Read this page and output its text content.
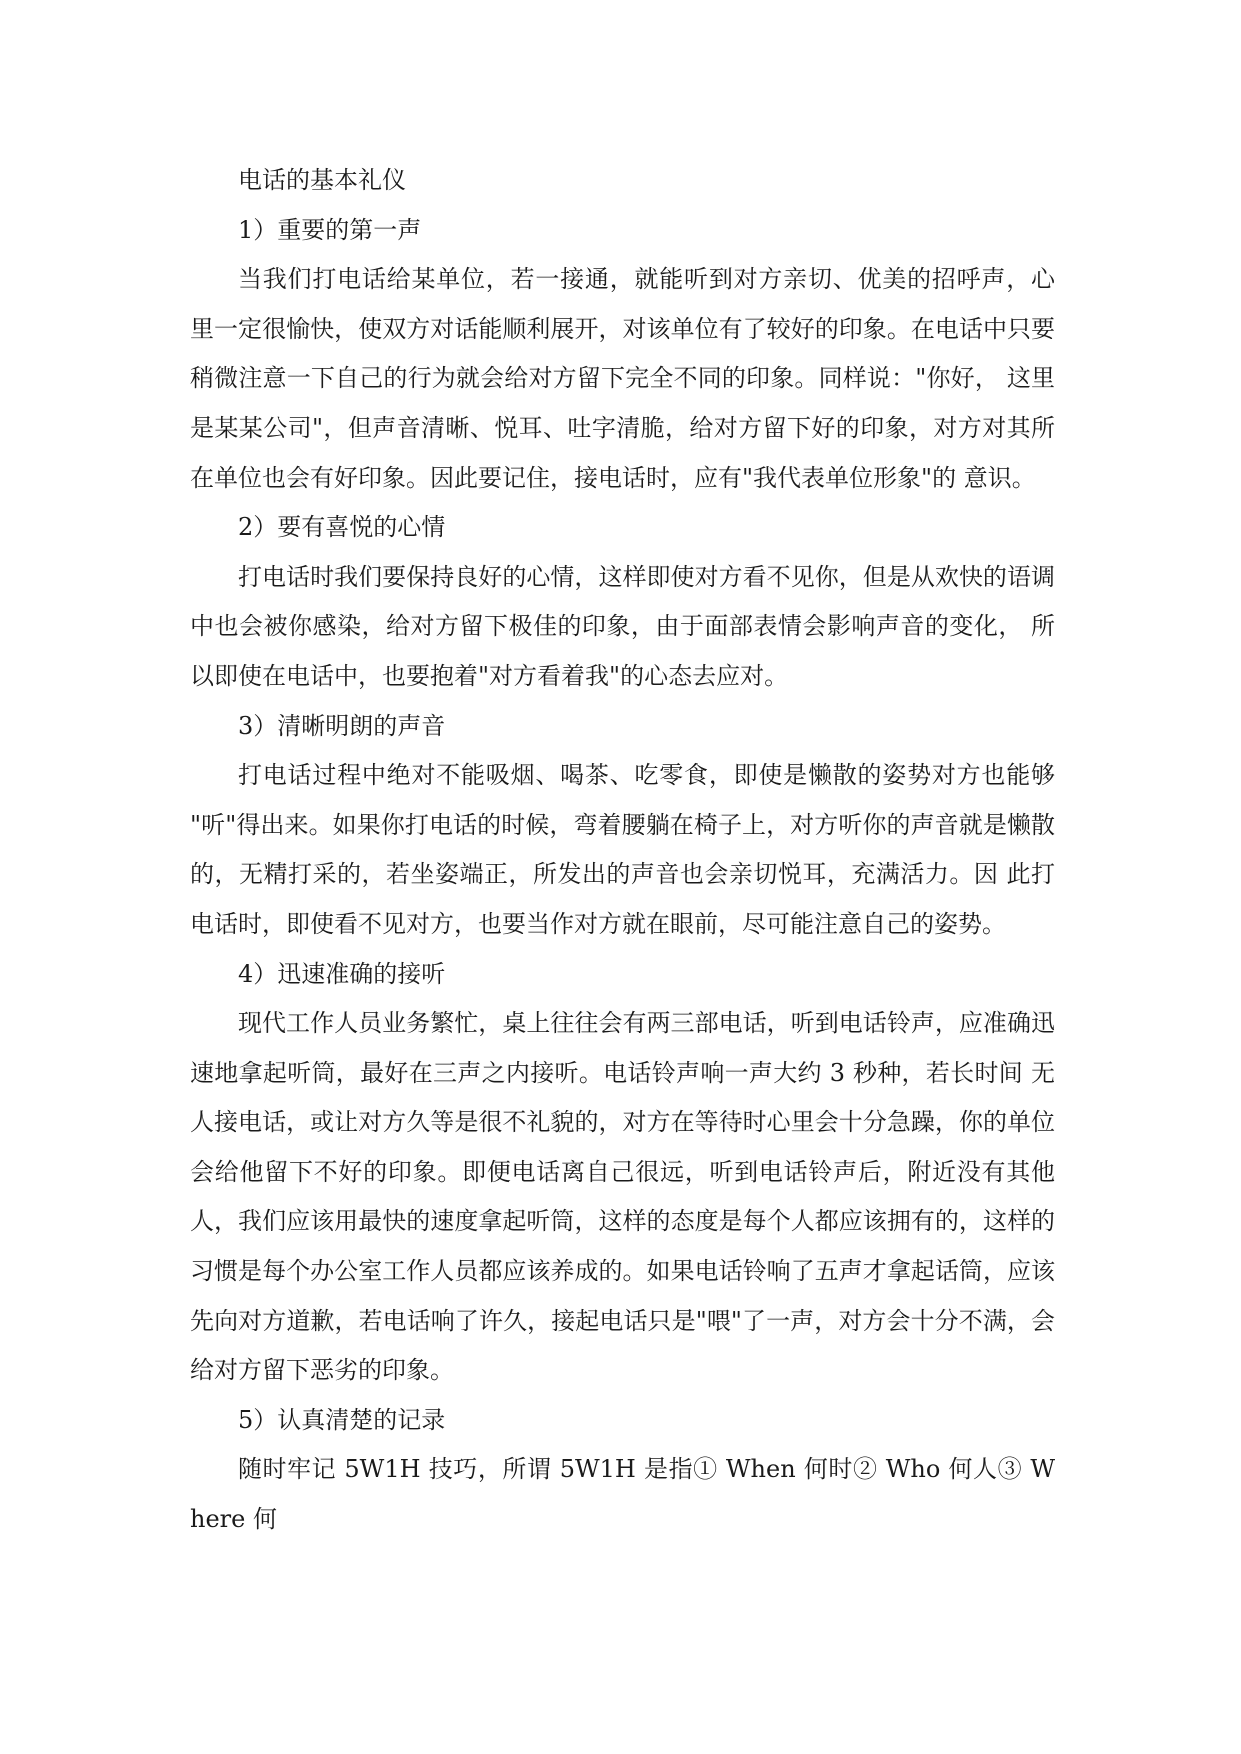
电话的基本礼仪

1）重要的第一声

当我们打电话给某单位，若一接通，就能听到对方亲切、优美的招呼声，心 里一定很愉快，使双方对话能顺利展开，对该单位有了较好的印象。在电话中只要稍微注意一下自己的行为就会给对方留下完全不同的印象。同样说："你好， 这里是某某公司"，但声音清晰、悦耳、吐字清脆，给对方留下好的印象，对方对其所在单位也会有好印象。因此要记住，接电话时，应有"我代表单位形象"的 意识。

2）要有喜悦的心情

打电话时我们要保持良好的心情，这样即使对方看不见你，但是从欢快的语调中也会被你感染，给对方留下极佳的印象，由于面部表情会影响声音的变化， 所以即使在电话中，也要抱着"对方看着我"的心态去应对。

3）清晰明朗的声音

打电话过程中绝对不能吸烟、喝茶、吃零食，即使是懒散的姿势对方也能够 "听"得出来。如果你打电话的时候，弯着腰躺在椅子上，对方听你的声音就是懒散的，无精打采的，若坐姿端正，所发出的声音也会亲切悦耳，充满活力。因 此打电话时，即使看不见对方，也要当作对方就在眼前，尽可能注意自己的姿势。

4）迅速准确的接听

现代工作人员业务繁忙，桌上往往会有两三部电话，听到电话铃声，应准确迅速地拿起听筒，最好在三声之内接听。电话铃声响一声大约 3 秒种，若长时间 无人接电话，或让对方久等是很不礼貌的，对方在等待时心里会十分急躁，你的单位会给他留下不好的印象。即便电话离自己很远，听到电话铃声后，附近没有其他人，我们应该用最快的速度拿起听筒，这样的态度是每个人都应该拥有的，这样的习惯是每个办公室工作人员都应该养成的。如果电话铃响了五声才拿起话筒，应该先向对方道歉，若电话响了许久，接起电话只是"喂"了一声，对方会十分不满，会给对方留下恶劣的印象。

5）认真清楚的记录

随时牢记 5W1H 技巧，所谓 5W1H 是指① When 何时② Who 何人③ Where 何
